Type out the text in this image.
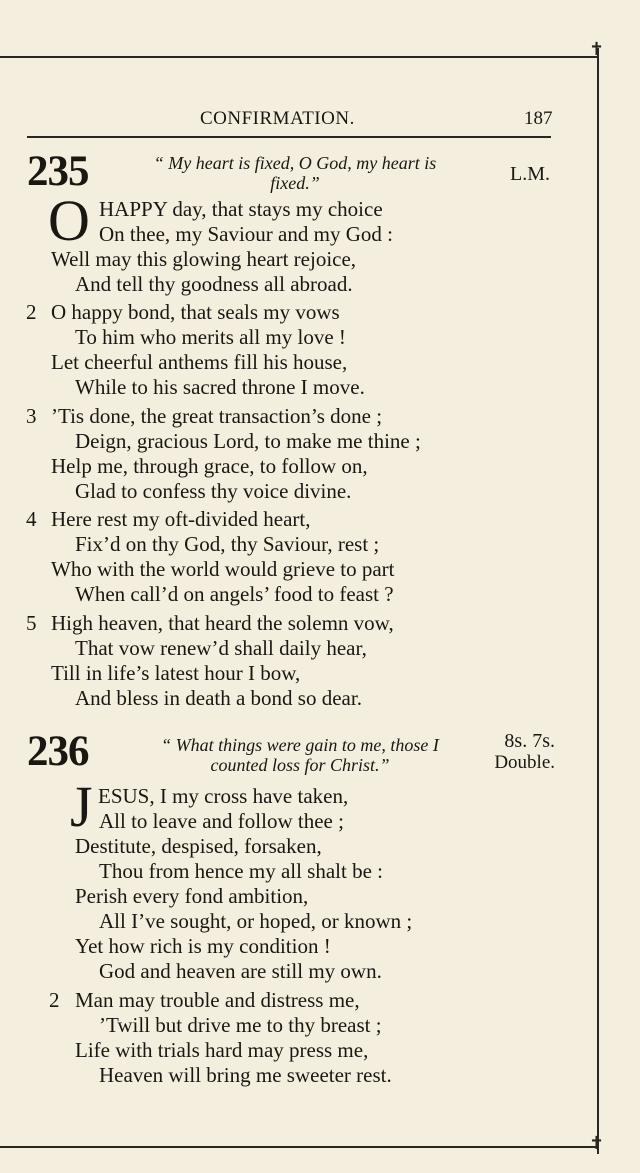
✝
✝
CONFIRMATION.	187
235	“ My heart is fixed, O God, my heart is
fixed.”	L.M.
O HAPPY day, that stays my choice
On thee, my Saviour and my God :
Well may this glowing heart rejoice,
And tell thy goodness all abroad.
2 O happy bond, that seals my vows
To him who merits all my love !
Let cheerful anthems fill his house,
While to his sacred throne I move.
3 ’Tis done, the great transaction’s done ;
Deign, gracious Lord, to make me thine ;
Help me, through grace, to follow on,
Glad to confess thy voice divine.
4 Here rest my oft-divided heart,
Fix’d on thy God, thy Saviour, rest ;
Who with the world would grieve to part
When call’d on angels’ food to feast ?
5 High heaven, that heard the solemn vow,
That vow renew’d shall daily hear,
Till in life’s latest hour I bow,
And bless in death a bond so dear.
236	“ What things were gain to me, those I
counted loss for Christ.”
8s. 7s.
Double.
J ESUS, I my cross have taken,
All to leave and follow thee ;
Destitute, despised, forsaken,
Thou from hence my all shalt be :
Perish every fond ambition,
All I’ve sought, or hoped, or known ;
Yet how rich is my condition !
God and heaven are still my own.
2 Man may trouble and distress me,
’Twill but drive me to thy breast ;
Life with trials hard may press me,
Heaven will bring me sweeter rest.
